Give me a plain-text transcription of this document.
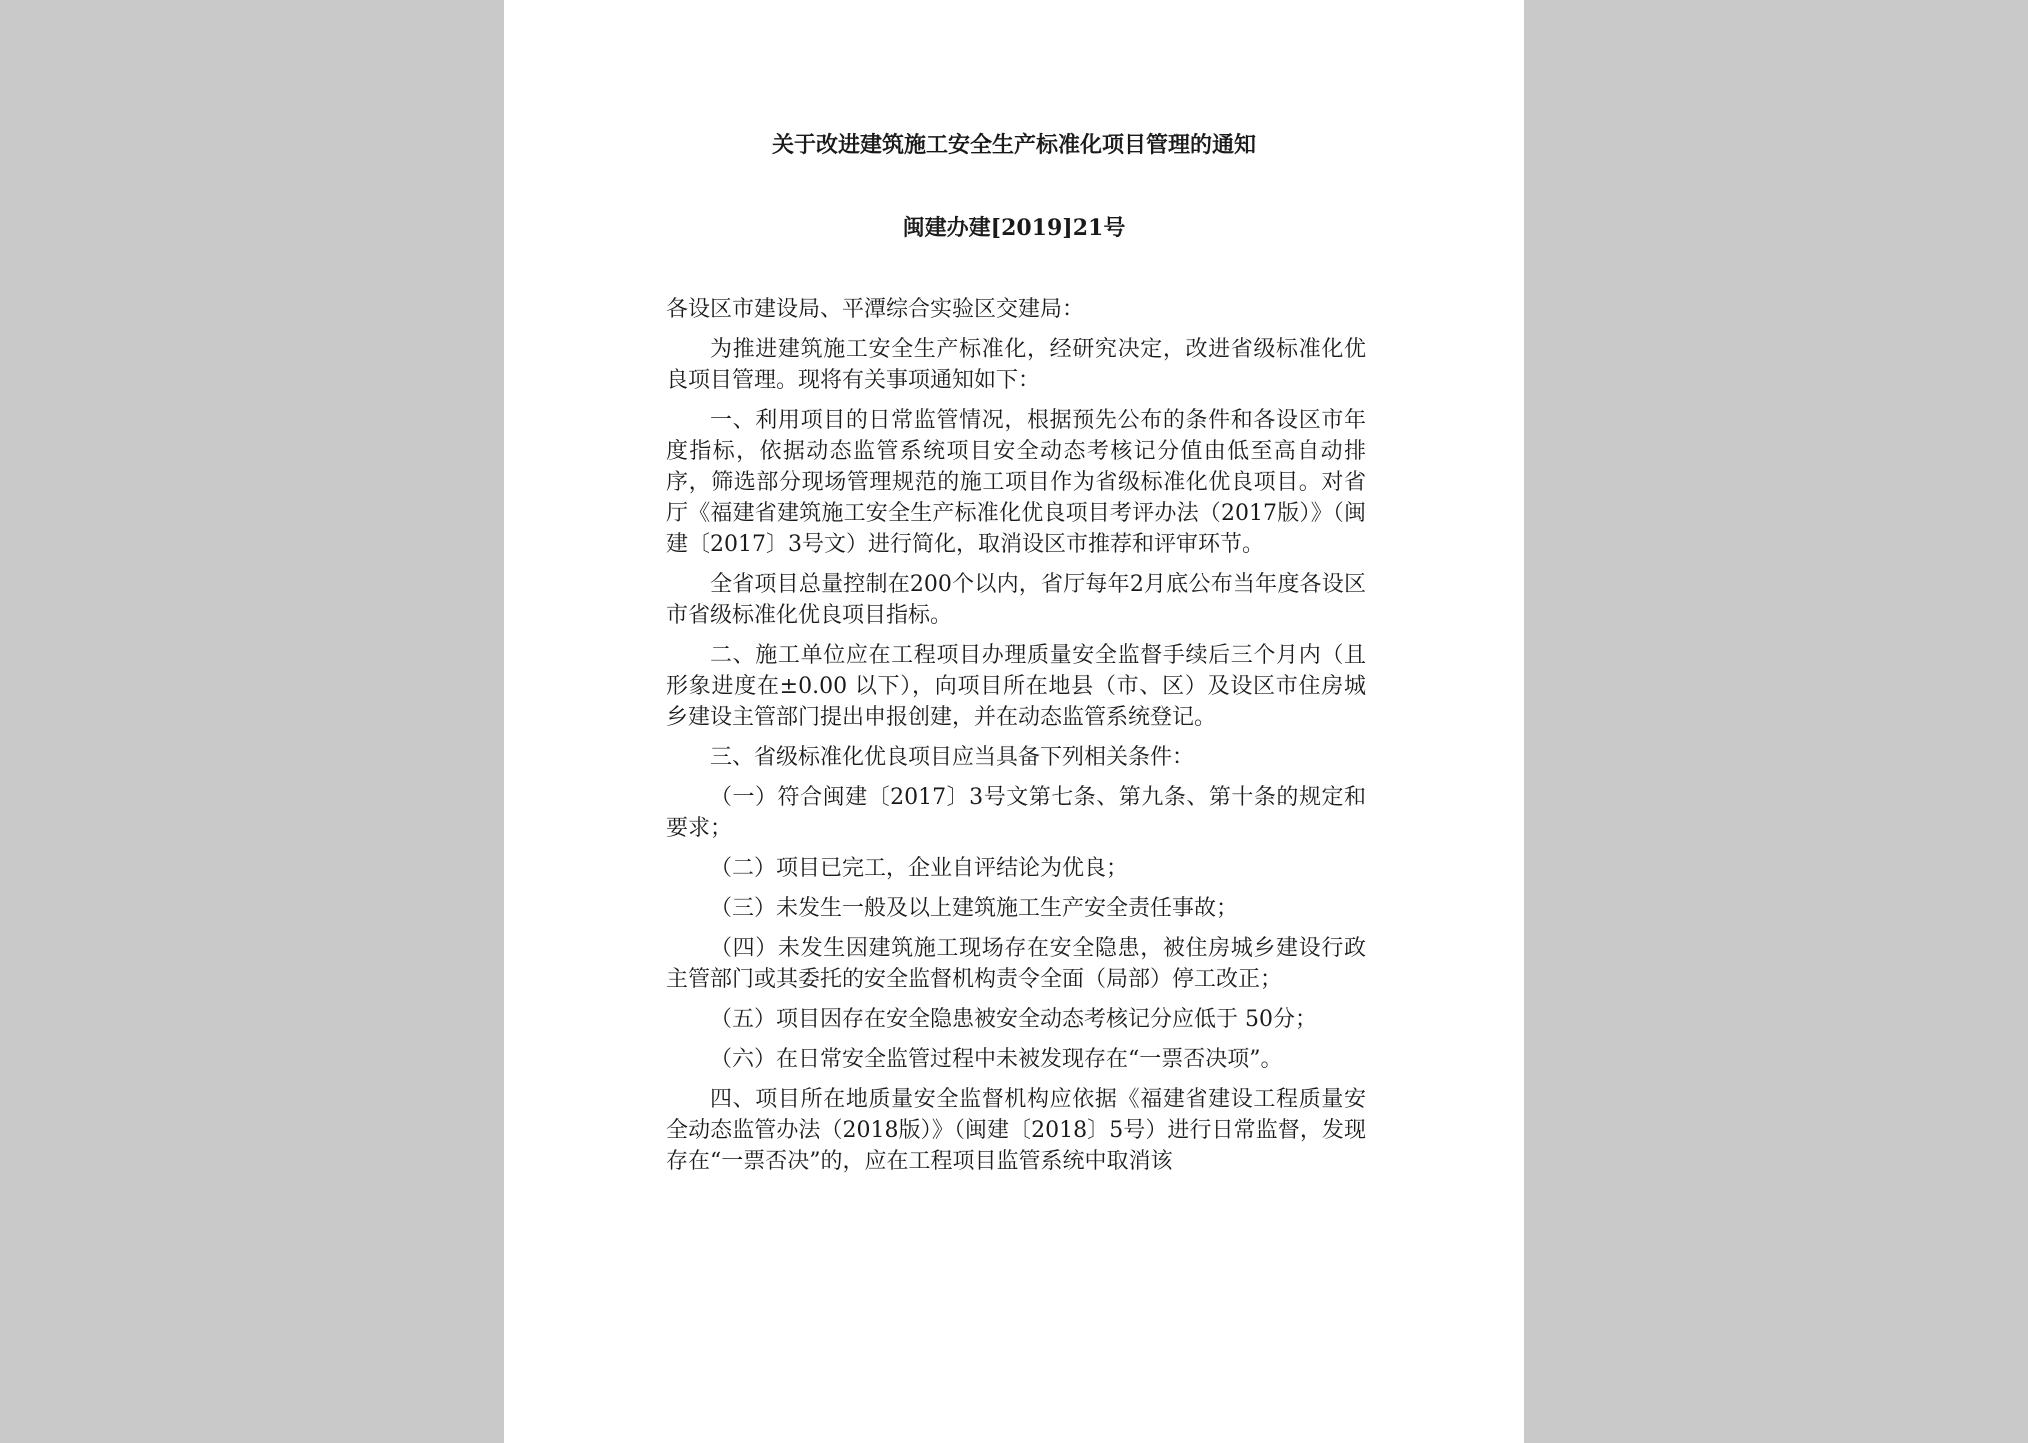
关于改进建筑施工安全生产标准化项目管理的通知
闽建办建[2019]21号

各设区市建设局、平潭综合实验区交建局：

为推进建筑施工安全生产标准化，经研究决定，改进省级标准化优良项目管理。现将有关事项通知如下：

一、利用项目的日常监管情况，根据预先公布的条件和各设区市年度指标，依据动态监管系统项目安全动态考核记分值由低至高自动排序，筛选部分现场管理规范的施工项目作为省级标准化优良项目。对省厅《福建省建筑施工安全生产标准化优良项目考评办法（2017版）》（闽建〔2017〕3号文）进行简化，取消设区市推荐和评审环节。

全省项目总量控制在200个以内，省厅每年2月底公布当年度各设区市省级标准化优良项目指标。

二、施工单位应在工程项目办理质量安全监督手续后三个月内（且形象进度在±0.00 以下），向项目所在地县（市、区）及设区市住房城乡建设主管部门提出申报创建，并在动态监管系统登记。

三、省级标准化优良项目应当具备下列相关条件：

（一）符合闽建〔2017〕3号文第七条、第九条、第十条的规定和要求；

（二）项目已完工，企业自评结论为优良；

（三）未发生一般及以上建筑施工生产安全责任事故；

（四）未发生因建筑施工现场存在安全隐患，被住房城乡建设行政主管部门或其委托的安全监督机构责令全面（局部）停工改正；

（五）项目因存在安全隐患被安全动态考核记分应低于 50分；

（六）在日常安全监管过程中未被发现存在“一票否决项”。

四、项目所在地质量安全监督机构应依据《福建省建设工程质量安全动态监管办法（2018版）》（闽建〔2018〕5号）进行日常监督，发现存在“一票否决”的，应在工程项目监管系统中取消该
